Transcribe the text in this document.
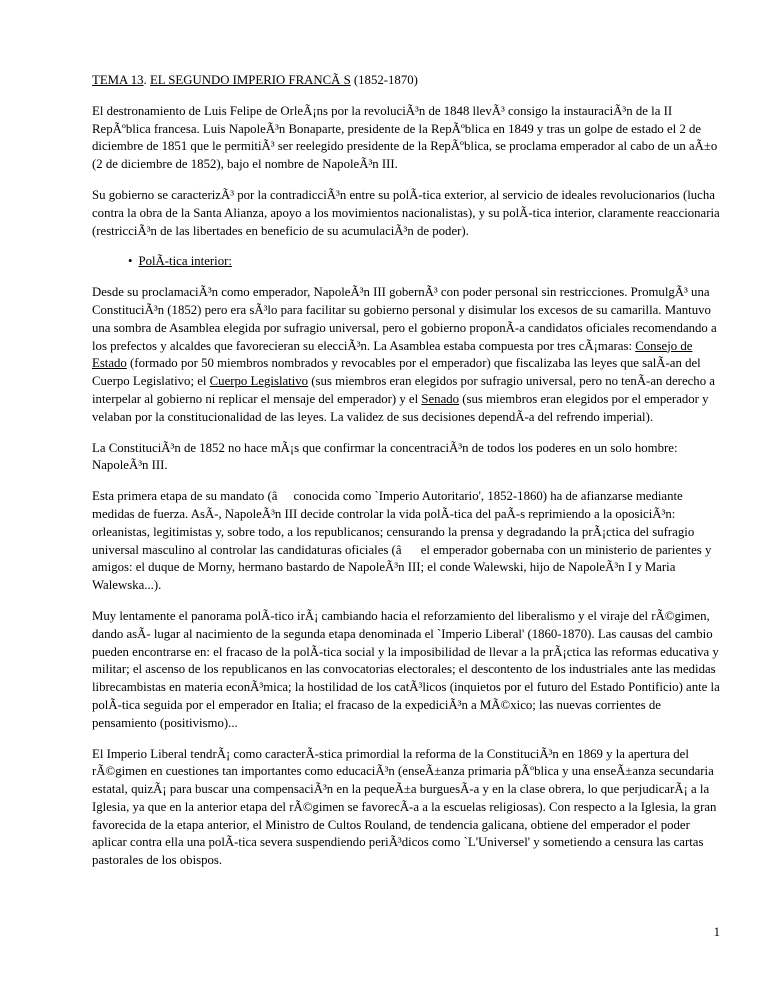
TEMA 13. EL SEGUNDO IMPERIO FRANCÃ S (1852-1870)

El destronamiento de Luis Felipe de OrleÃ¡ns por la revoluciÃ³n de 1848 llevÃ³ consigo la instauraciÃ³n de la II RepÃºblica francesa. Luis NapoleÃ³n Bonaparte, presidente de la RepÃºblica en 1849 y tras un golpe de estado el 2 de diciembre de 1851 que le permitiÃ³ ser reelegido presidente de la RepÃºblica, se proclama emperador al cabo de un aÃ±o (2 de diciembre de 1852), bajo el nombre de NapoleÃ³n III.

Su gobierno se caracterizÃ³ por la contradicciÃ³n entre su polÃ-tica exterior, al servicio de ideales revolucionarios (lucha contra la obra de la Santa Alianza, apoyo a los movimientos nacionalistas), y su polÃ-tica interior, claramente reaccionaria (restricciÃ³n de las libertades en beneficio de su acumulaciÃ³n de poder).

• PolÃ-tica interior:

Desde su proclamaciÃ³n como emperador, NapoleÃ³n III gobernÃ³ con poder personal sin restricciones. PromulgÃ³ una ConstituciÃ³n (1852) pero era sÃ³lo para facilitar su gobierno personal y disimular los excesos de su camarilla. Mantuvo una sombra de Asamblea elegida por sufragio universal, pero el gobierno proponÃ-a candidatos oficiales recomendando a los prefectos y alcaldes que favorecieran su elecciÃ³n. La Asamblea estaba compuesta por tres cÃ¡maras: Consejo de Estado (formado por 50 miembros nombrados y revocables por el emperador) que fiscalizaba las leyes que salÃ-an del Cuerpo Legislativo; el Cuerpo Legislativo (sus miembros eran elegidos por sufragio universal, pero no tenÃ-an derecho a interpelar al gobierno ni replicar el mensaje del emperador) y el Senado (sus miembros eran elegidos por el emperador y velaban por la constitucionalidad de las leyes. La validez de sus decisiones dependÃ-a del refrendo imperial).

La ConstituciÃ³n de 1852 no hace mÃ¡s que confirmar la concentraciÃ³n de todos los poderes en un solo hombre: NapoleÃ³n III.

Esta primera etapa de su mandato (â     conocida como `Imperio Autoritario', 1852-1860) ha de afianzarse mediante medidas de fuerza. AsÃ-, NapoleÃ³n III decide controlar la vida polÃ-tica del paÃ-s reprimiendo a la oposiciÃ³n: orleanistas, legitimistas y, sobre todo, a los republicanos; censurando la prensa y degradando la prÃ¡ctica del sufragio universal masculino al controlar las candidaturas oficiales (â      el emperador gobernaba con un ministerio de parientes y amigos: el duque de Morny, hermano bastardo de NapoleÃ³n III; el conde Walewski, hijo de NapoleÃ³n I y Maria Walewska...).

Muy lentamente el panorama polÃ-tico irÃ¡ cambiando hacia el reforzamiento del liberalismo y el viraje del rÃ©gimen, dando asÃ- lugar al nacimiento de la segunda etapa denominada el `Imperio Liberal' (1860-1870). Las causas del cambio pueden encontrarse en: el fracaso de la polÃ-tica social y la imposibilidad de llevar a la prÃ¡ctica las reformas educativa y militar; el ascenso de los republicanos en las convocatorias electorales; el descontento de los industriales ante las medidas librecambistas en materia econÃ³mica; la hostilidad de los catÃ³licos (inquietos por el futuro del Estado Pontificio) ante la polÃ-tica seguida por el emperador en Italia; el fracaso de la expediciÃ³n a MÃ©xico; las nuevas corrientes de pensamiento (positivismo)...

El Imperio Liberal tendrÃ¡ como caracterÃ-stica primordial la reforma de la ConstituciÃ³n en 1869 y la apertura del rÃ©gimen en cuestiones tan importantes como educaciÃ³n (enseÃ±anza primaria pÃºblica y una enseÃ±anza secundaria estatal, quizÃ¡ para buscar una compensaciÃ³n en la pequeÃ±a burguesÃ-a y en la clase obrera, lo que perjudicarÃ¡ a la Iglesia, ya que en la anterior etapa del rÃ©gimen se favorecÃ-a a la escuelas religiosas). Con respecto a la Iglesia, la gran favorecida de la etapa anterior, el Ministro de Cultos Rouland, de tendencia galicana, obtiene del emperador el poder aplicar contra ella una polÃ-tica severa suspendiendo periÃ³dicos como `L'Universel' y sometiendo a censura las cartas pastorales de los obispos.

1
